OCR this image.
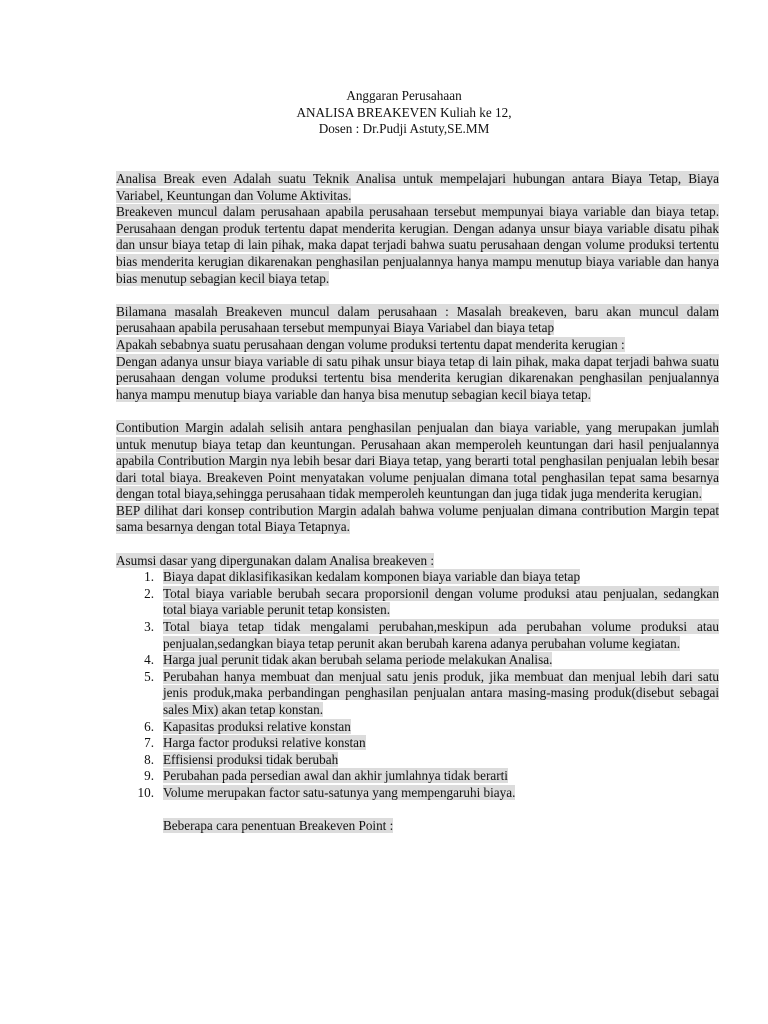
Anggaran Perusahaan
ANALISA BREAKEVEN Kuliah ke 12,
Dosen : Dr.Pudji Astuty,SE.MM

Analisa Break even Adalah suatu Teknik Analisa untuk mempelajari hubungan antara Biaya Tetap, Biaya Variabel, Keuntungan dan Volume Aktivitas.

Breakeven muncul dalam perusahaan apabila perusahaan tersebut mempunyai biaya variable dan biaya tetap. Perusahaan dengan produk tertentu dapat menderita kerugian. Dengan adanya unsur biaya variable disatu pihak dan unsur biaya tetap di lain pihak, maka dapat terjadi bahwa suatu perusahaan dengan volume produksi tertentu bias menderita kerugian dikarenakan penghasilan penjualannya hanya mampu menutup biaya variable dan hanya bias menutup sebagian kecil biaya tetap.

Bilamana masalah Breakeven muncul dalam perusahaan : Masalah breakeven, baru akan muncul dalam perusahaan apabila perusahaan tersebut mempunyai Biaya Variabel dan biaya tetap

Apakah sebabnya suatu perusahaan dengan volume produksi tertentu dapat menderita kerugian :

Dengan adanya unsur biaya variable di satu pihak unsur biaya tetap di lain pihak, maka dapat terjadi bahwa suatu perusahaan dengan volume produksi tertentu bisa menderita kerugian dikarenakan penghasilan penjualannya hanya mampu menutup biaya variable dan hanya bisa menutup sebagian kecil biaya tetap.

Contibution Margin adalah selisih antara penghasilan penjualan dan biaya variable, yang merupakan jumlah untuk menutup biaya tetap dan keuntungan. Perusahaan akan memperoleh keuntungan dari hasil penjualannya apabila Contribution Margin nya lebih besar dari Biaya tetap, yang berarti total penghasilan penjualan lebih besar dari total biaya. Breakeven Point menyatakan volume penjualan dimana total penghasilan tepat sama besarnya dengan total biaya,sehingga perusahaan tidak memperoleh keuntungan dan juga tidak juga menderita kerugian.

BEP dilihat dari konsep contribution Margin adalah bahwa volume penjualan dimana contribution Margin tepat sama besarnya dengan total Biaya Tetapnya.

Asumsi dasar yang dipergunakan dalam Analisa breakeven :

1. Biaya dapat diklasifikasikan kedalam komponen biaya variable dan biaya tetap
2. Total biaya variable berubah secara proporsionil dengan volume produksi atau penjualan, sedangkan total biaya variable perunit tetap konsisten.
3. Total biaya tetap tidak mengalami perubahan,meskipun ada perubahan volume produksi atau penjualan,sedangkan biaya tetap perunit akan berubah karena adanya perubahan volume kegiatan.
4. Harga jual perunit tidak akan berubah selama periode melakukan Analisa.
5. Perubahan hanya membuat dan menjual satu jenis produk, jika membuat dan menjual lebih dari satu jenis produk,maka perbandingan penghasilan penjualan antara masing-masing produk(disebut sebagai sales Mix) akan tetap konstan.
6. Kapasitas produksi relative konstan
7. Harga factor produksi relative konstan
8. Effisiensi produksi tidak berubah
9. Perubahan pada persedian awal dan akhir jumlahnya tidak berarti
10. Volume merupakan factor satu-satunya yang mempengaruhi biaya.

Beberapa cara penentuan Breakeven Point :
